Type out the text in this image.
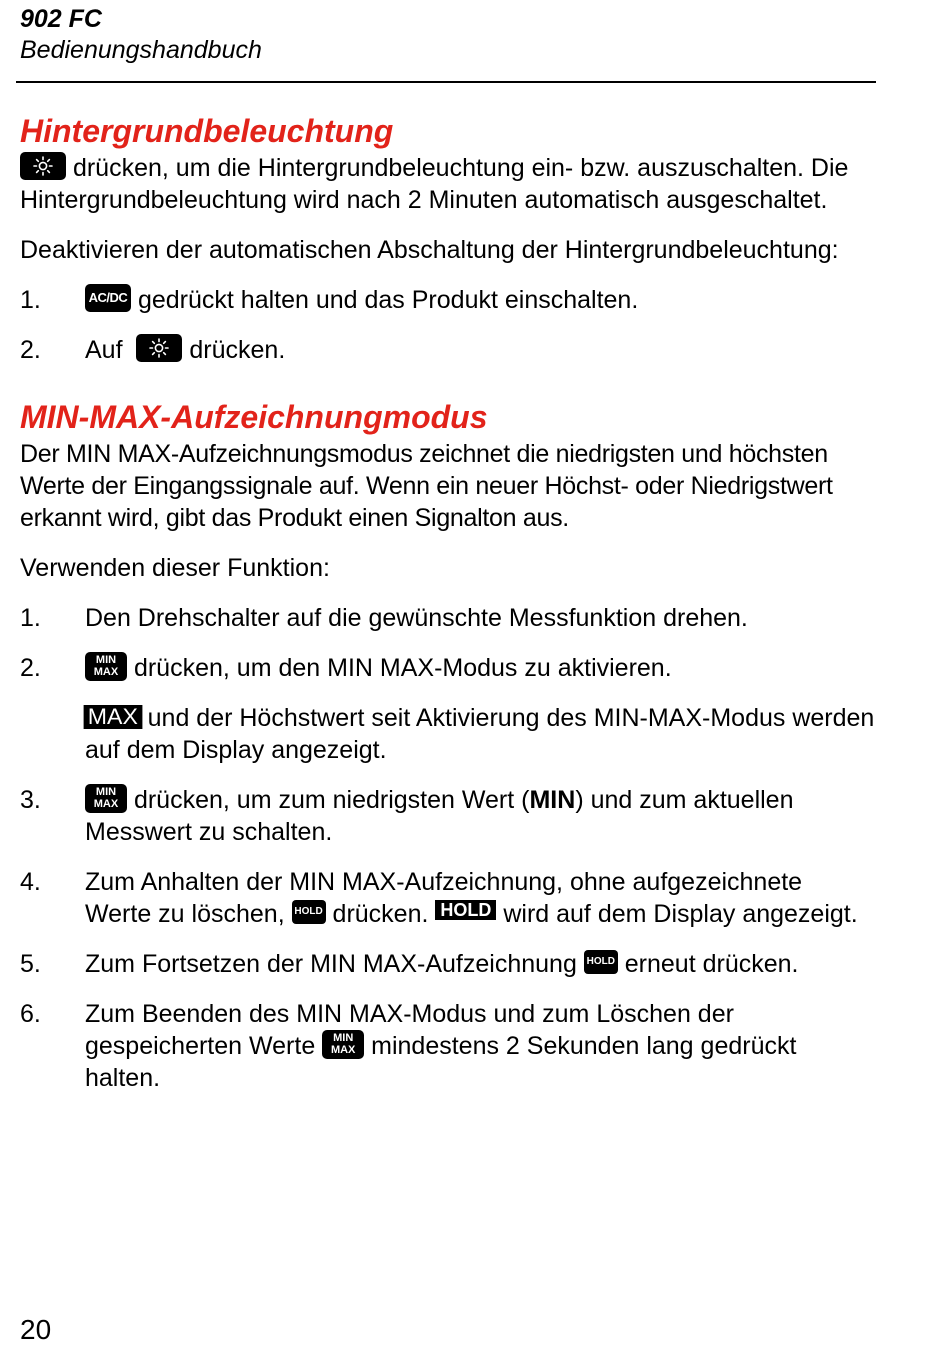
902 FC
Bedienungshandbuch
Hintergrundbeleuchtung

drücken, um die Hintergrundbeleuchtung ein- bzw. auszuschalten. Die Hintergrundbeleuchtung wird nach 2 Minuten automatisch ausgeschaltet.

Deaktivieren der automatischen Abschaltung der Hintergrundbeleuchtung:

1.	AC/DC gedrückt halten und das Produkt einschalten.
2. Auf	drücken.
MIN-MAX-Aufzeichnungmodus

Der MIN MAX-Aufzeichnungsmodus zeichnet die niedrigsten und höchsten Werte der Eingangssignale auf. Wenn ein neuer Höchst- oder Niedrigstwert erkannt wird, gibt das Produkt einen Signalton aus.

Verwenden dieser Funktion:

1. Den Drehschalter auf die gewünschte Messfunktion drehen.
2.	MIN
MAX drücken, um den MIN MAX-Modus zu aktivieren.
MAX und der Höchstwert seit Aktivierung des MIN-MAX-Modus werden auf dem Display angezeigt.
3.	MIN
MAX drücken, um zum niedrigsten Wert (MIN) und zum aktuellen Messwert zu schalten.
4. Zum Anhalten der MIN MAX-Aufzeichnung, ohne aufgezeichnete Werte zu löschen, HOLD drücken. HOLD wird auf dem Display angezeigt.
5. Zum Fortsetzen der MIN MAX-Aufzeichnung HOLD erneut drücken.
6. Zum Beenden des MIN MAX-Modus und zum Löschen der gespeicherten Werte MIN
MAX mindestens 2 Sekunden lang gedrückt halten.
20
